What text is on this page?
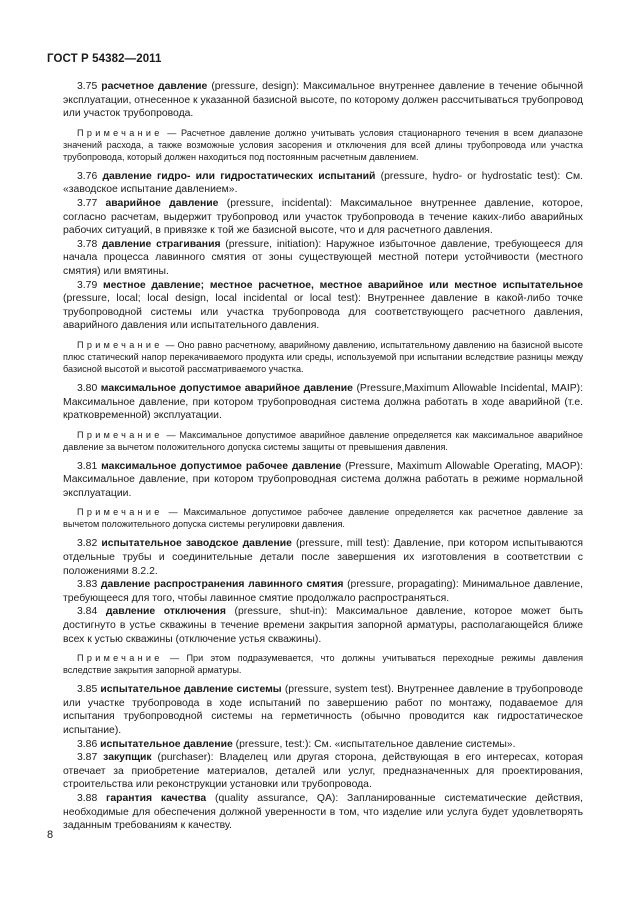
ГОСТ Р 54382—2011

3.75 расчетное давление (pressure, design): Максимальное внутреннее давление в течение обычной эксплуатации, отнесенное к указанной базисной высоте, по которому должен рассчитываться трубопровод или участок трубопровода.

Примечание — Расчетное давление должно учитывать условия стационарного течения в всем диапазоне значений расхода, а также возможные условия засорения и отключения для всей длины трубопровода или участка трубопровода, который должен находиться под постоянным расчетным давлением.

3.76 давление гидро- или гидростатических испытаний (pressure, hydro- or hydrostatic test): См. «заводское испытание давлением».

3.77 аварийное давление (pressure, incidental): Максимальное внутреннее давление, которое, согласно расчетам, выдержит трубопровод или участок трубопровода в течение каких-либо аварийных рабочих ситуаций, в привязке к той же базисной высоте, что и для расчетного давления.

3.78 давление страгивания (pressure, initiation): Наружное избыточное давление, требующееся для начала процесса лавинного смятия от зоны существующей местной потери устойчивости (местного смятия) или вмятины.

3.79 местное давление; местное расчетное, местное аварийное или местное испытательное (pressure, local; local design, local incidental or local test): Внутреннее давление в какой-либо точке трубопроводной системы или участка трубопровода для соответствующего расчетного давления, аварийного давления или испытательного давления.

Примечание — Оно равно расчетному, аварийному давлению, испытательному давлению на базисной высоте плюс статический напор перекачиваемого продукта или среды, используемой при испытании вследствие разницы между базисной высотой и высотой рассматриваемого участка.

3.80 максимальное допустимое аварийное давление (Pressure,Maximum Allowable Incidental, MAIP): Максимальное давление, при котором трубопроводная система должна работать в ходе аварийной (т.е. кратковременной) эксплуатации.

Примечание — Максимальное допустимое аварийное давление определяется как максимальное аварийное давление за вычетом положительного допуска системы защиты от превышения давления.

3.81 максимальное допустимое рабочее давление (Pressure, Maximum Allowable Operating, MAOP): Максимальное давление, при котором трубопроводная система должна работать в режиме нормальной эксплуатации.

Примечание — Максимальное допустимое рабочее давление определяется как расчетное давление за вычетом положительного допуска системы регулировки давления.

3.82 испытательное заводское давление (pressure, mill test): Давление, при котором испытываются отдельные трубы и соединительные детали после завершения их изготовления в соответствии с положениями 8.2.2.

3.83 давление распространения лавинного смятия (pressure, propagating): Минимальное давление, требующееся для того, чтобы лавинное смятие продолжало распространяться.

3.84 давление отключения (pressure, shut-in): Максимальное давление, которое может быть достигнуто в устье скважины в течение времени закрытия запорной арматуры, располагающейся ближе всех к устью скважины (отключение устья скважины).

Примечание — При этом подразумевается, что должны учитываться переходные режимы давления вследствие закрытия запорной арматуры.

3.85 испытательное давление системы (pressure, system test). Внутреннее давление в трубопроводе или участке трубопровода в ходе испытаний по завершению работ по монтажу, подаваемое для испытания трубопроводной системы на герметичность (обычно проводится как гидростатическое испытание).

3.86 испытательное давление (pressure, test:): См. «испытательное давление системы».

3.87 закупщик (purchaser): Владелец или другая сторона, действующая в его интересах, которая отвечает за приобретение материалов, деталей или услуг, предназначенных для проектирования, строительства или реконструкции установки или трубопровода.

3.88 гарантия качества (quality assurance, QA): Запланированные систематические действия, необходимые для обеспечения должной уверенности в том, что изделие или услуга будет удовлетворять заданным требованиям к качеству.

8
